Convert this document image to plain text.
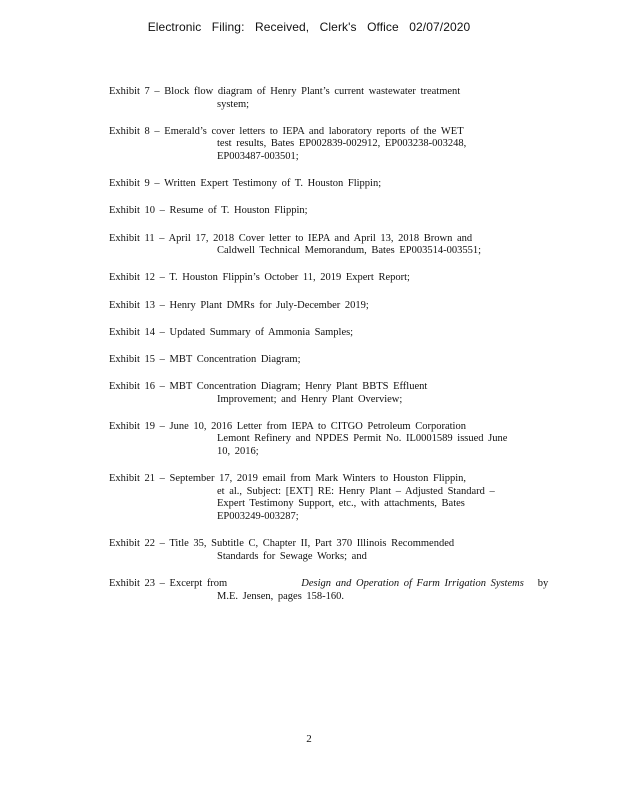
Electronic Filing: Received, Clerk's Office 02/07/2020
Exhibit 7 – Block flow diagram of Henry Plant’s current wastewater treatment
system;
Exhibit 8 – Emerald’s cover letters to IEPA and laboratory reports of the WET
test results, Bates EP002839-002912, EP003238-003248,
EP003487-003501;
Exhibit 9 – Written Expert Testimony of T. Houston Flippin;
Exhibit 10 – Resume of T. Houston Flippin;
Exhibit 11 – April 17, 2018 Cover letter to IEPA and April 13, 2018 Brown and
Caldwell Technical Memorandum, Bates EP003514-003551;
Exhibit 12 – T. Houston Flippin’s October 11, 2019 Expert Report;
Exhibit 13 – Henry Plant DMRs for July-December 2019;
Exhibit 14 – Updated Summary of Ammonia Samples;
Exhibit 15 – MBT Concentration Diagram;
Exhibit 16 – MBT Concentration Diagram; Henry Plant BBTS Effluent
Improvement; and Henry Plant Overview;
Exhibit 19 – June 10, 2016 Letter from IEPA to CITGO Petroleum Corporation
Lemont Refinery and NPDES Permit No. IL0001589 issued June
10, 2016;
Exhibit 21 – September 17, 2019 email from Mark Winters to Houston Flippin,
et al., Subject: [EXT] RE: Henry Plant – Adjusted Standard –
Expert Testimony Support, etc., with attachments, Bates
EP003249-003287;
Exhibit 22 – Title 35, Subtitle C, Chapter II, Part 370 Illinois Recommended
Standards for Sewage Works; and
Exhibit 23 – Excerpt from	Design and Operation of Farm Irrigation Systems by
M.E. Jensen, pages 158-160.
2
